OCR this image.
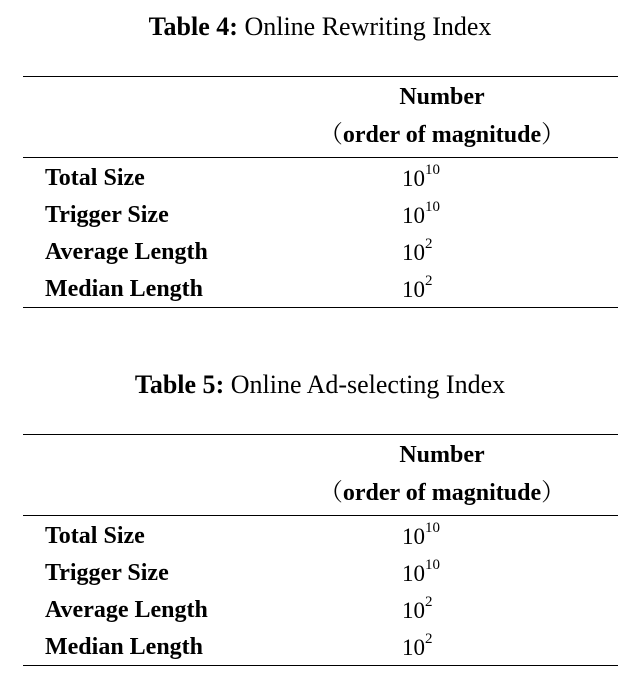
Table 4: Online Rewriting Index
Number
（order of magnitude）
Total Size	$10^{10}$
Trigger Size	$10^{10}$
Average Length	$10^2$
Median Length	$10^2$
Table 5: Online Ad-selecting Index
Number
（order of magnitude）
Total Size	$10^{10}$
Trigger Size	$10^{10}$
Average Length	$10^2$
Median Length	$10^2$
